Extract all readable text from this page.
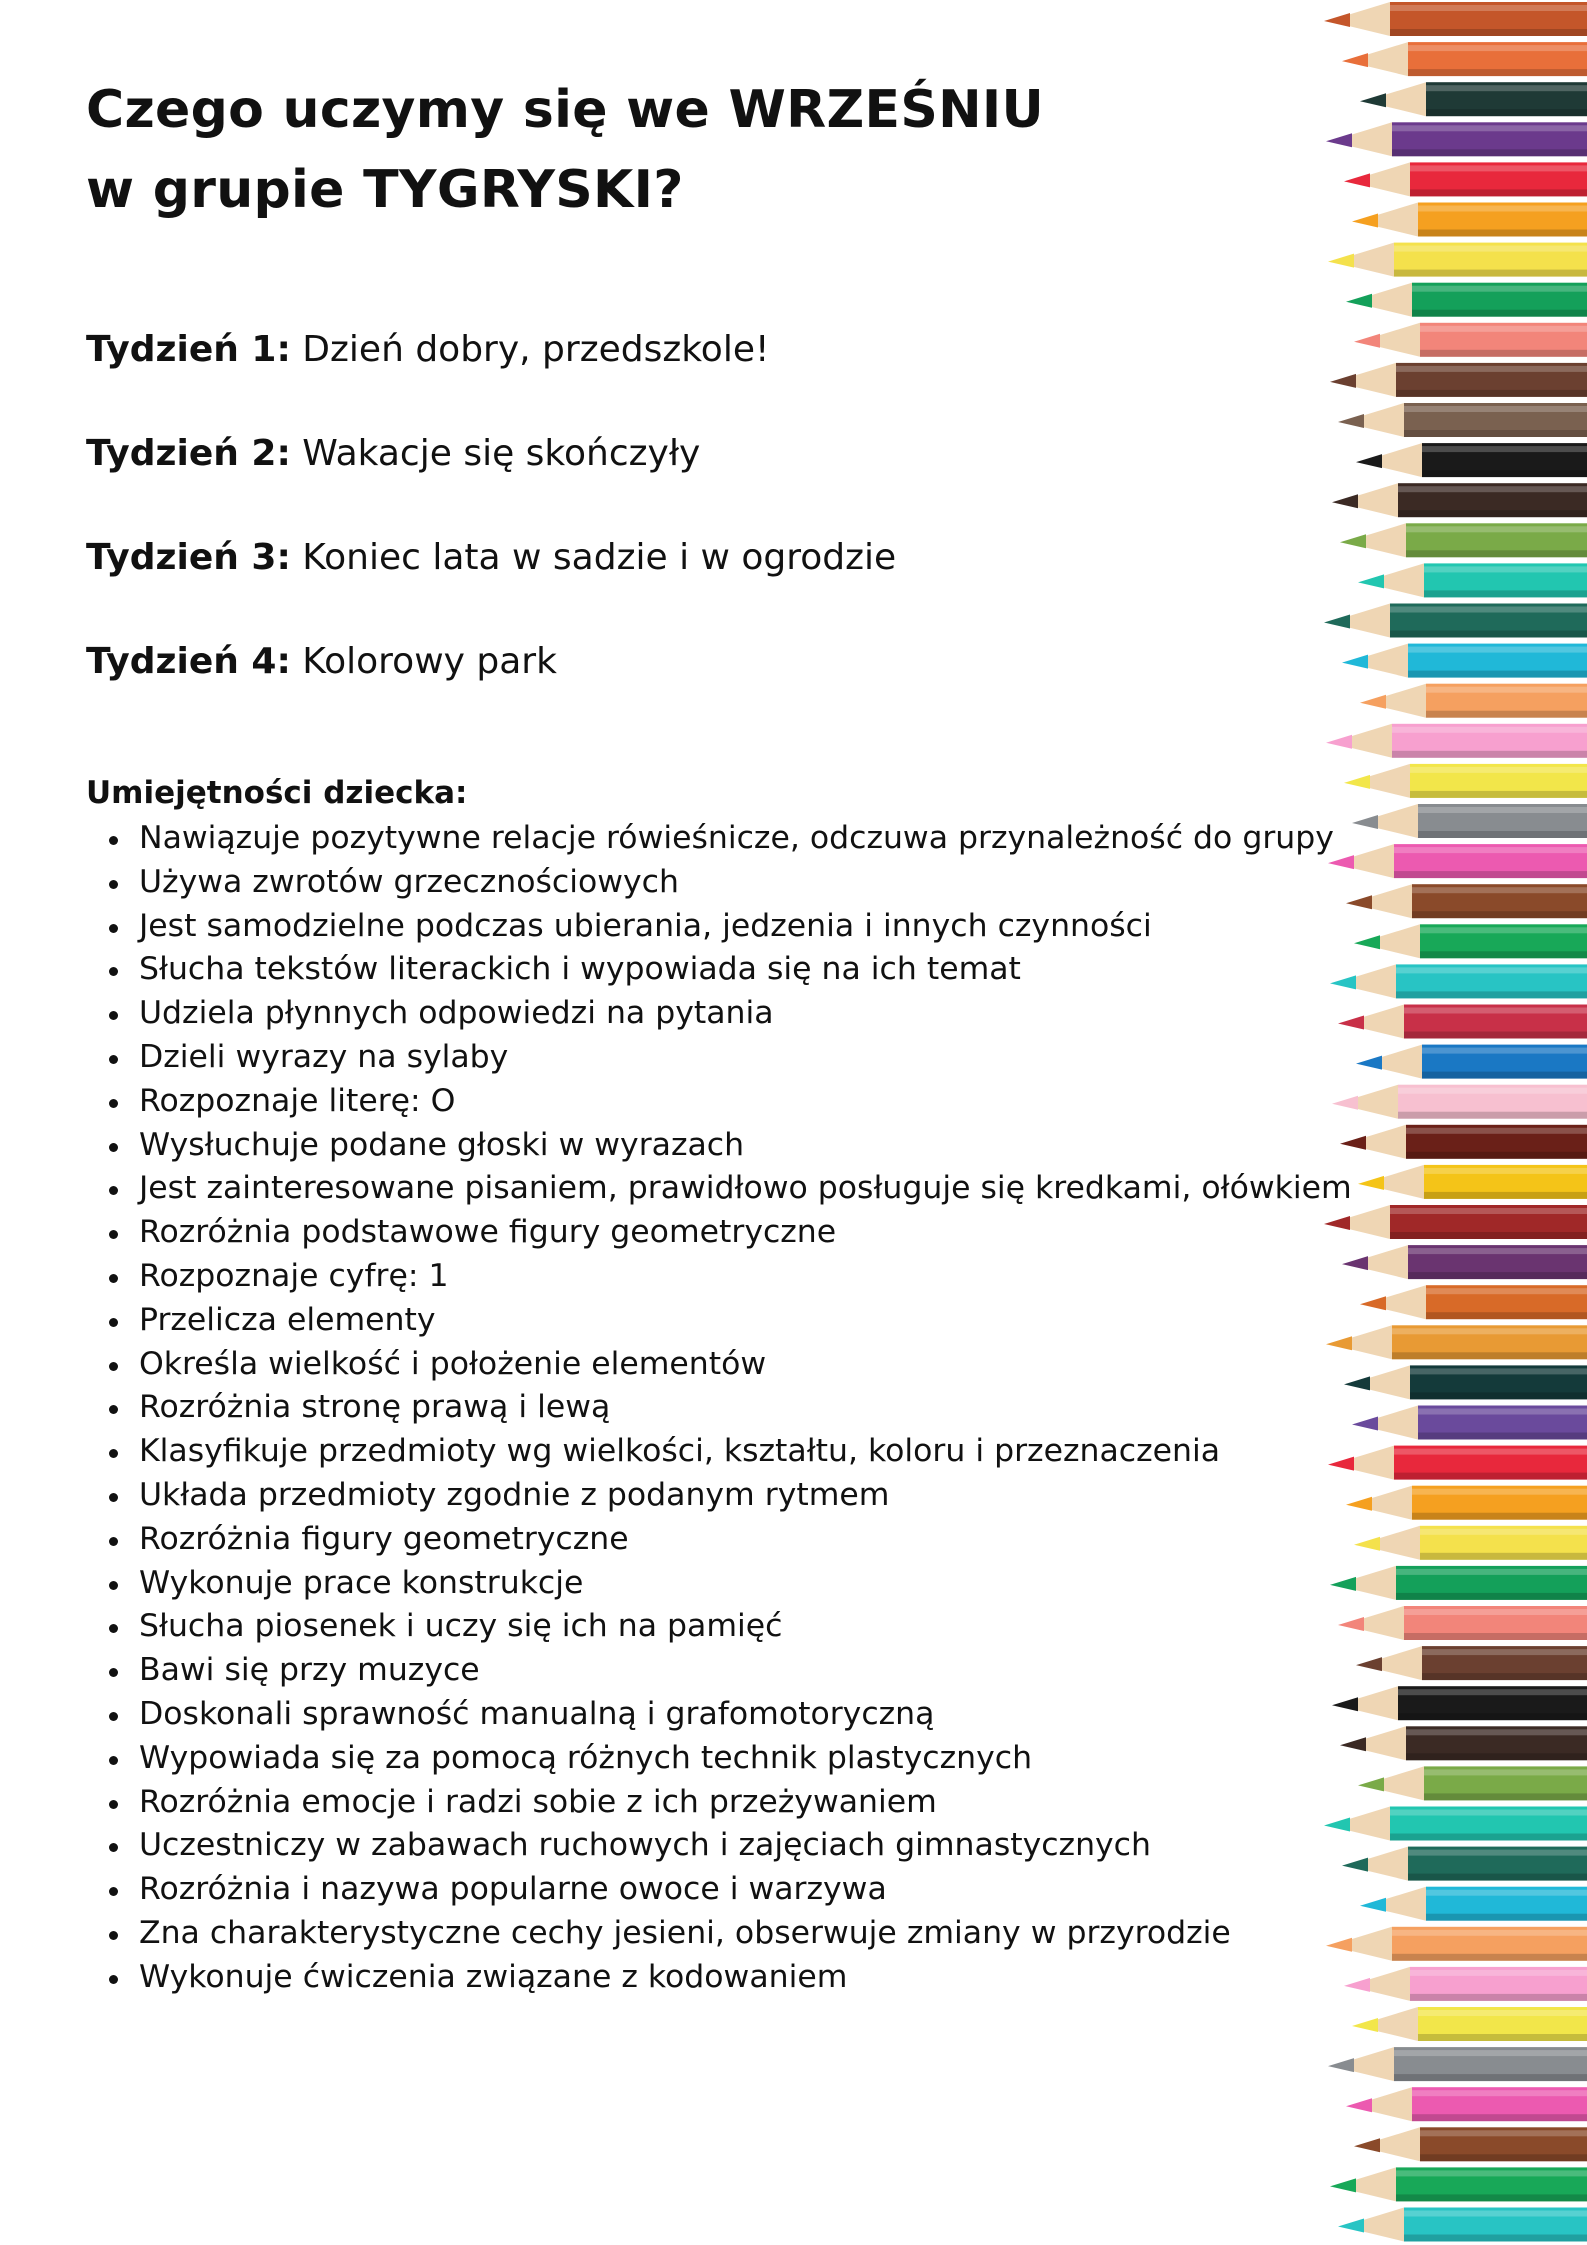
Czego uczymy się we WRZEŚNIU
w grupie TYGRYSKI?
Tydzień 1: Dzień dobry, przedszkole!
Tydzień 2: Wakacje się skończyły
Tydzień 3: Koniec lata w sadzie i w ogrodzie
Tydzień 4: Kolorowy park
Umiejętności dziecka:
Nawiązuje pozytywne relacje rówieśnicze, odczuwa przynależność do grupy
Używa zwrotów grzecznościowych
Jest samodzielne podczas ubierania, jedzenia i innych czynności
Słucha tekstów literackich i wypowiada się na ich temat
Udziela płynnych odpowiedzi na pytania
Dzieli wyrazy na sylaby
Rozpoznaje literę: O
Wysłuchuje podane głoski w wyrazach
Jest zainteresowane pisaniem, prawidłowo posługuje się kredkami, ołówkiem
Rozróżnia podstawowe figury geometryczne
Rozpoznaje cyfrę: 1
Przelicza elementy
Określa wielkość i położenie elementów
Rozróżnia stronę prawą i lewą
Klasyfikuje przedmioty wg wielkości, kształtu, koloru i przeznaczenia
Układa przedmioty zgodnie z podanym rytmem
Rozróżnia figury geometryczne
Wykonuje prace konstrukcje
Słucha piosenek i uczy się ich na pamięć
Bawi się przy muzyce
Doskonali sprawność manualną i grafomotoryczną
Wypowiada się za pomocą różnych technik plastycznych
Rozróżnia emocje i radzi sobie z ich przeżywaniem
Uczestniczy w zabawach ruchowych i zajęciach gimnastycznych
Rozróżnia i nazywa popularne owoce i warzywa
Zna charakterystyczne cechy jesieni, obserwuje zmiany w przyrodzie
Wykonuje ćwiczenia związane z kodowaniem
